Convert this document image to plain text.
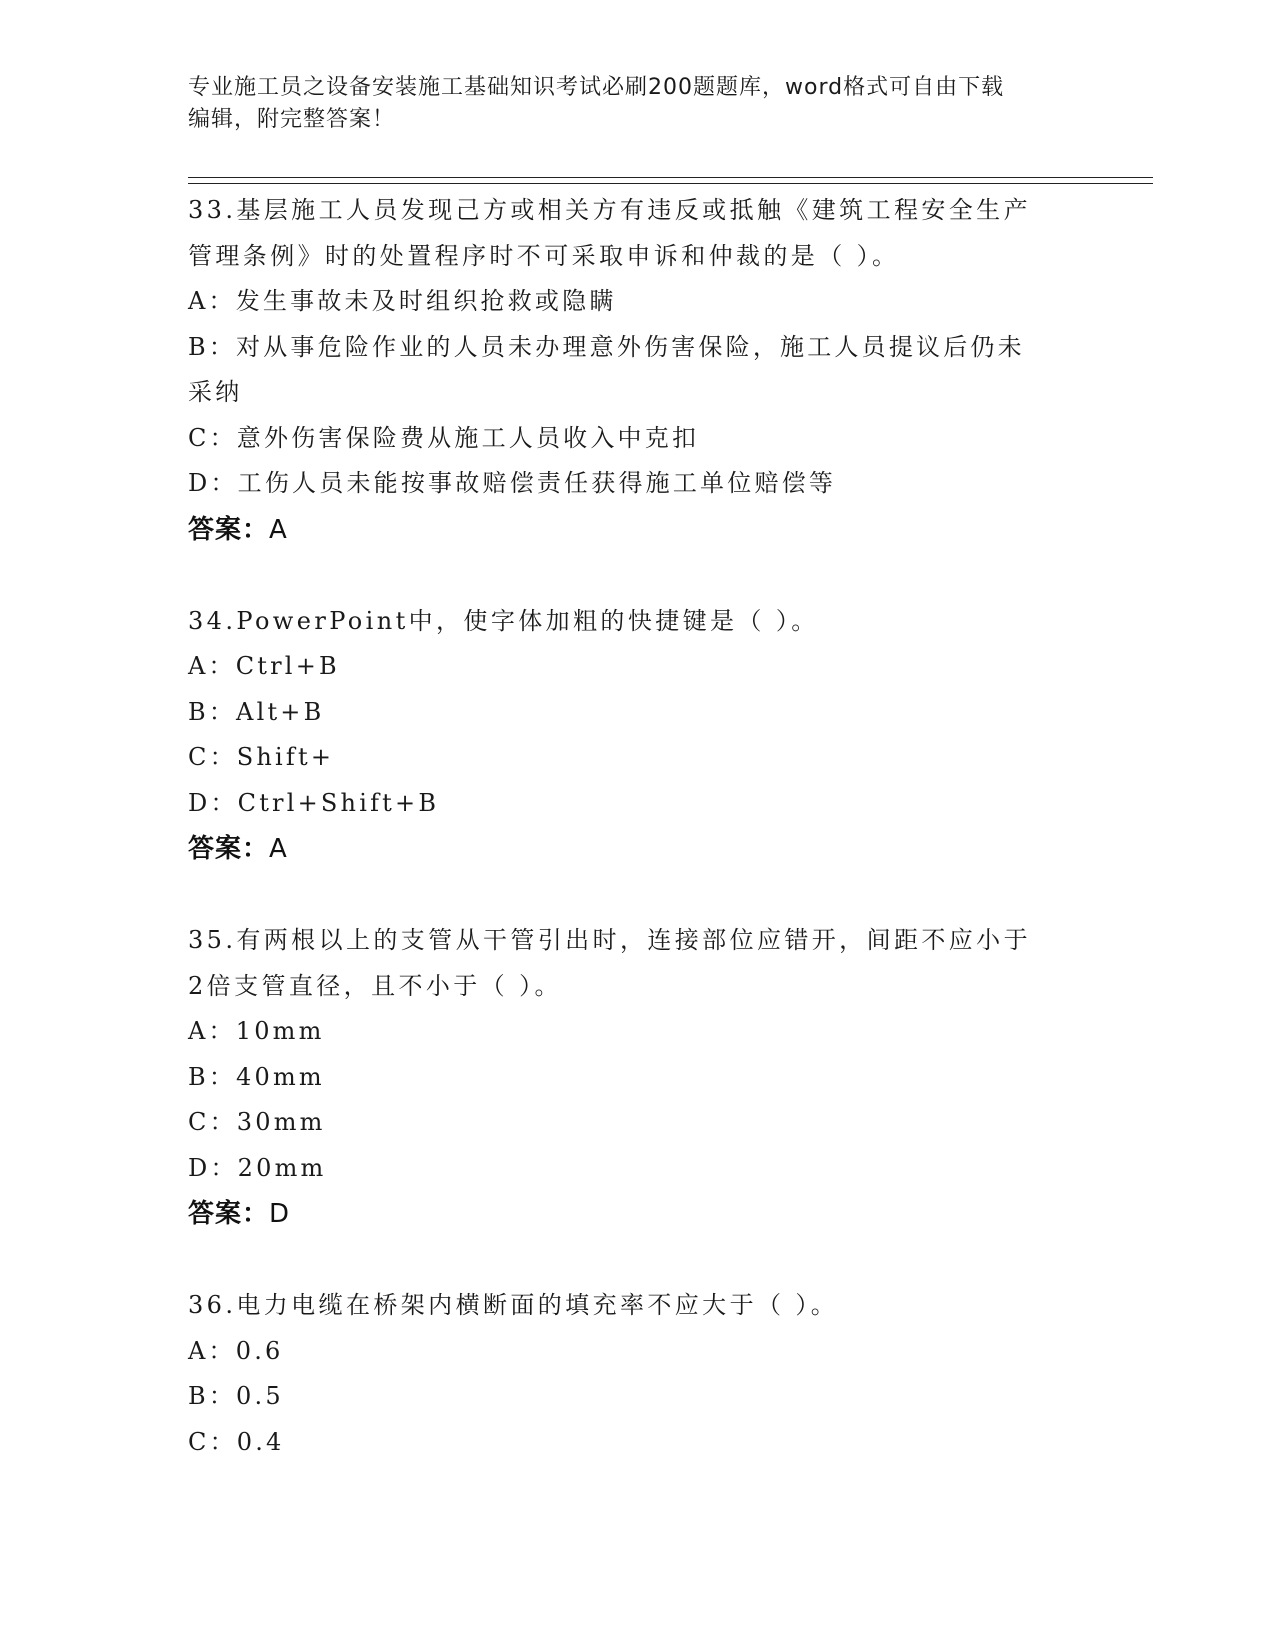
专业施工员之设备安装施工基础知识考试必刷200题题库，word格式可自由下载
编辑，附完整答案！
33.基层施工人员发现己方或相关方有违反或抵触《建筑工程安全生产
管理条例》时的处置程序时不可采取申诉和仲裁的是（ ）。
A：发生事故未及时组织抢救或隐瞒
B：对从事危险作业的人员未办理意外伤害保险，施工人员提议后仍未
采纳
C：意外伤害保险费从施工人员收入中克扣
D：工伤人员未能按事故赔偿责任获得施工单位赔偿等
答案：A
34.PowerPoint中，使字体加粗的快捷键是（ ）。
A：Ctrl+B
B：Alt+B
C：Shift+
D：Ctrl+Shift+B
答案：A
35.有两根以上的支管从干管引出时，连接部位应错开，间距不应小于
2倍支管直径，且不小于（ ）。
A：10mm
B：40mm
C：30mm
D：20mm
答案：D
36.电力电缆在桥架内横断面的填充率不应大于（ ）。
A：0.6
B：0.5
C：0.4
